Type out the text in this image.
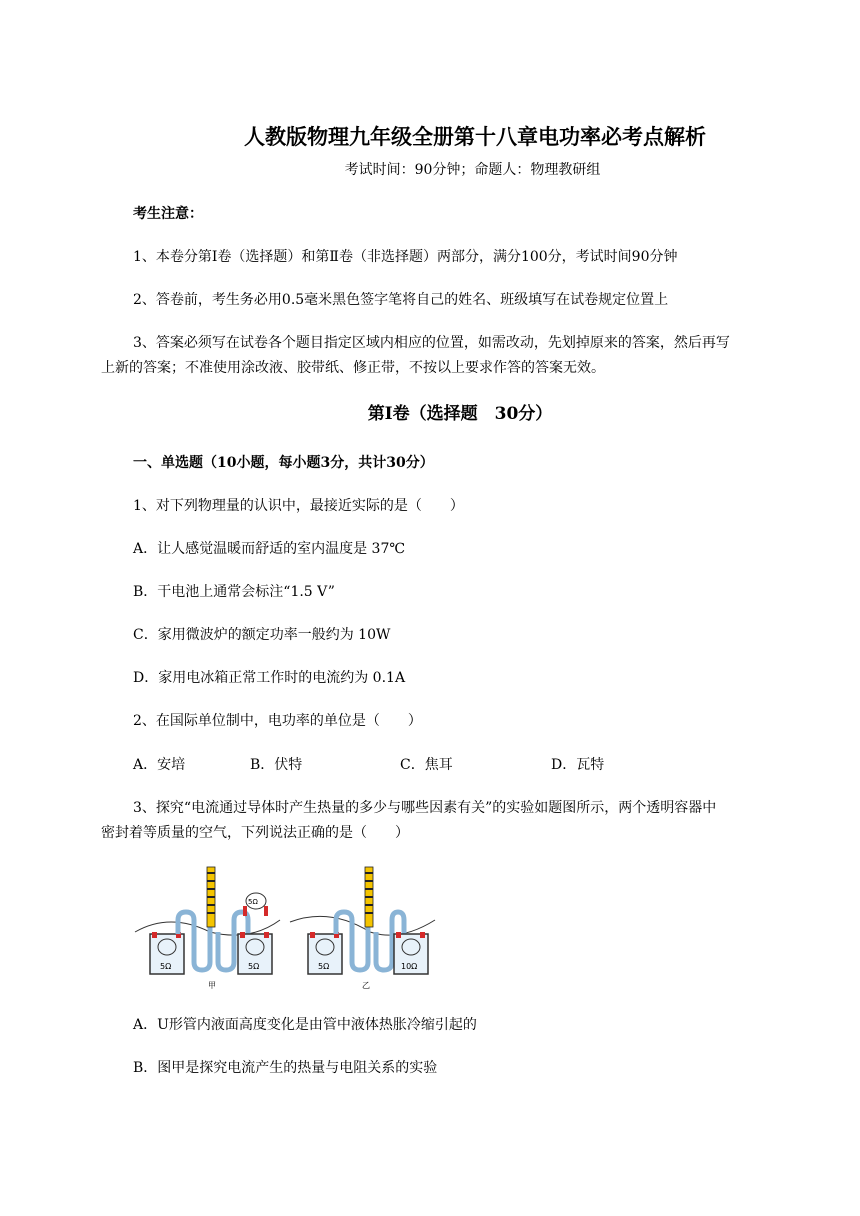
人教版物理九年级全册第十八章电功率必考点解析
考试时间：90分钟；命题人：物理教研组
考生注意：
1、本卷分第Ⅰ卷（选择题）和第Ⅱ卷（非选择题）两部分，满分100分，考试时间90分钟
2、答卷前，考生务必用0.5毫米黑色签字笔将自己的姓名、班级填写在试卷规定位置上
3、答案必须写在试卷各个题目指定区域内相应的位置，如需改动，先划掉原来的答案，然后再写
上新的答案；不准使用涂改液、胶带纸、修正带，不按以上要求作答的答案无效。
第Ⅰ卷（选择题　30分）
一、单选题（10小题，每小题3分，共计30分）
1、对下列物理量的认识中，最接近实际的是（　　）
A．让人感觉温暖而舒适的室内温度是 37℃
B．干电池上通常会标注“1.5 V”
C．家用微波炉的额定功率一般约为 10W
D．家用电冰箱正常工作时的电流约为 0.1A
2、在国际单位制中，电功率的单位是（　　）
A．安培	B．伏特	C．焦耳	D．瓦特
3、探究“电流通过导体时产生热量的多少与哪些因素有关”的实验如题图所示，两个透明容器中
密封着等质量的空气，下列说法正确的是（　　）
5Ω	5Ω
5Ω
甲
5Ω	10Ω
乙
A．U形管内液面高度变化是由管中液体热胀冷缩引起的
B．图甲是探究电流产生的热量与电阻关系的实验
